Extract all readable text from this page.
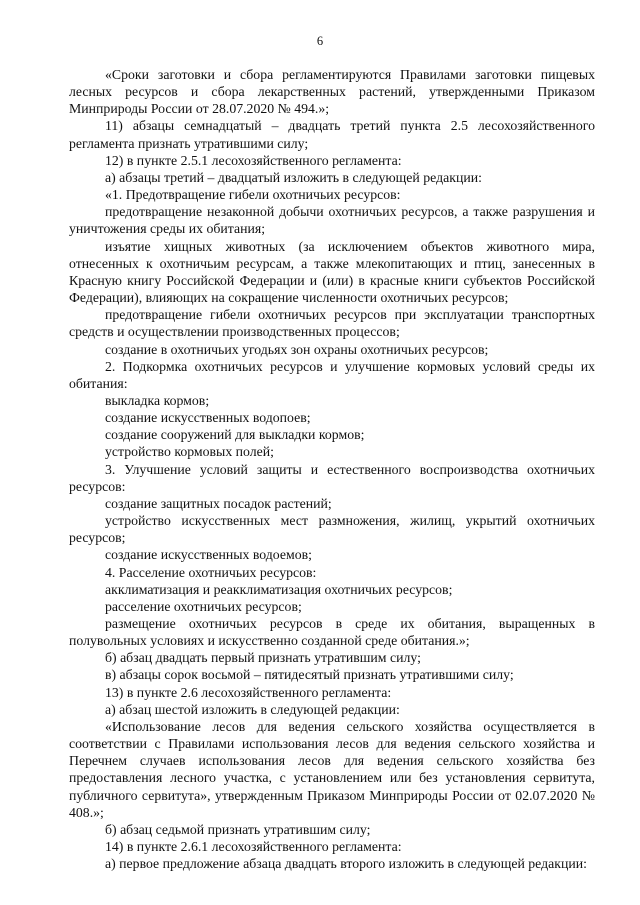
6

«Сроки заготовки и сбора регламентируются Правилами заготовки пищевых лесных ресурсов и сбора лекарственных растений, утвержденными Приказом Минприроды России от 28.07.2020 № 494.»;

11) абзацы семнадцатый – двадцать третий пункта 2.5 лесохозяйственного регламента признать утратившими силу;

12) в пункте 2.5.1 лесохозяйственного регламента:

а) абзацы третий – двадцатый изложить в следующей редакции:

«1. Предотвращение гибели охотничьих ресурсов:

предотвращение незаконной добычи охотничьих ресурсов, а также разрушения и уничтожения среды их обитания;

изъятие хищных животных (за исключением объектов животного мира, отнесенных к охотничьим ресурсам, а также млекопитающих и птиц, занесенных в Красную книгу Российской Федерации и (или) в красные книги субъектов Российской Федерации), влияющих на сокращение численности охотничьих ресурсов;

предотвращение гибели охотничьих ресурсов при эксплуатации транспортных средств и осуществлении производственных процессов;

создание в охотничьих угодьях зон охраны охотничьих ресурсов;

2. Подкормка охотничьих ресурсов и улучшение кормовых условий среды их обитания:

выкладка кормов;

создание искусственных водопоев;

создание сооружений для выкладки кормов;

устройство кормовых полей;

3. Улучшение условий защиты и естественного воспроизводства охотничьих ресурсов:

создание защитных посадок растений;

устройство искусственных мест размножения, жилищ, укрытий охотничьих ресурсов;

создание искусственных водоемов;

4. Расселение охотничьих ресурсов:

акклиматизация и реакклиматизация охотничьих ресурсов;

расселение охотничьих ресурсов;

размещение охотничьих ресурсов в среде их обитания, выращенных в полувольных условиях и искусственно созданной среде обитания.»;

б) абзац двадцать первый признать утратившим силу;

в) абзацы сорок восьмой – пятидесятый признать утратившими силу;

13) в пункте 2.6 лесохозяйственного регламента:

а) абзац шестой изложить в следующей редакции:

«Использование лесов для ведения сельского хозяйства осуществляется в соответствии с Правилами использования лесов для ведения сельского хозяйства и Перечнем случаев использования лесов для ведения сельского хозяйства без предоставления лесного участка, с установлением или без установления сервитута, публичного сервитута», утвержденным Приказом Минприроды России от 02.07.2020 № 408.»;

б) абзац седьмой признать утратившим силу;

14) в пункте 2.6.1 лесохозяйственного регламента:

а) первое предложение абзаца двадцать второго изложить в следующей редакции:
